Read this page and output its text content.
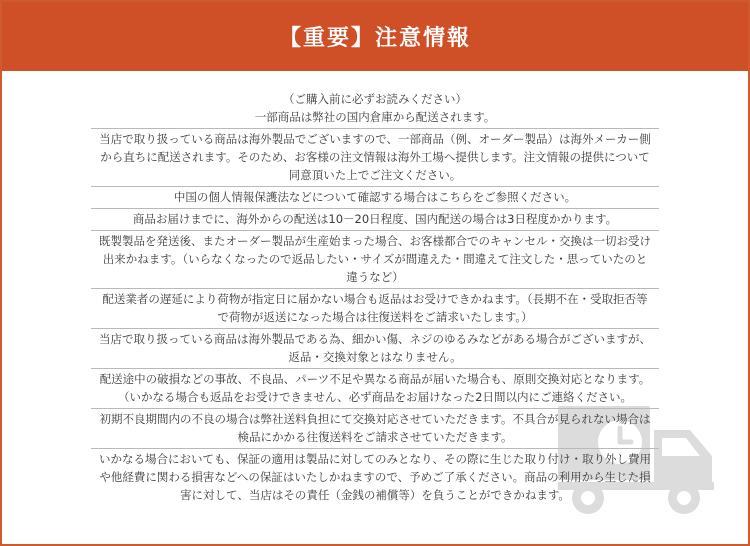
【重要】注意情報
（ご購入前に必ずお読みください）
一部商品は弊社の国内倉庫から配送されます。
当店で取り扱っている商品は海外製品でございますので、一部商品（例、オーダー製品）は海外メーカー側
から直ちに配送されます。そのため、お客様の注文情報は海外工場へ提供します。注文情報の提供について
同意頂いた上でご注文ください。
中国の個人情報保護法などについて確認する場合はこちらをご参照ください。
商品お届けまでに、海外からの配送は10－20日程度、国内配送の場合は3日程度かかります。
既製製品を発送後、またオーダー製品が生産始まった場合、お客様都合でのキャンセル・交換は一切お受け
出来かねます。（いらなくなったので返品したい・サイズが間違えた・間違えて注文した・思っていたのと
違うなど）
配送業者の遅延により荷物が指定日に届かない場合も返品はお受けできかねます。（長期不在・受取拒否等
で荷物が返送になった場合は往復送料をご請求いたします。）
当店で取り扱っている商品は海外製品である為、細かい傷、ネジのゆるみなどがある場合がございますが、
返品・交換対象とはなりません。
配送途中の破損などの事故、不良品、パーツ不足や異なる商品が届いた場合も、原則交換対応となります。
（いかなる場合も返品をお受けできません、必ず商品をお届けなった2日間以内にご連絡ください。
初期不良期間内の不良の場合は弊社送料負担にて交換対応させていただきます。不具合が見られない場合は
検品にかかる往復送料をご請求させていただきます。
いかなる場合においても、保証の適用は製品に対してのみとなり、その際に生じた取り付け・取り外し費用
や他経費に関わる損害などへの保証はいたしかねますので、予めご了承ください。商品の利用から生じた損
害に対して、当店はその責任（金銭の補償等）を負うことができかねます。
